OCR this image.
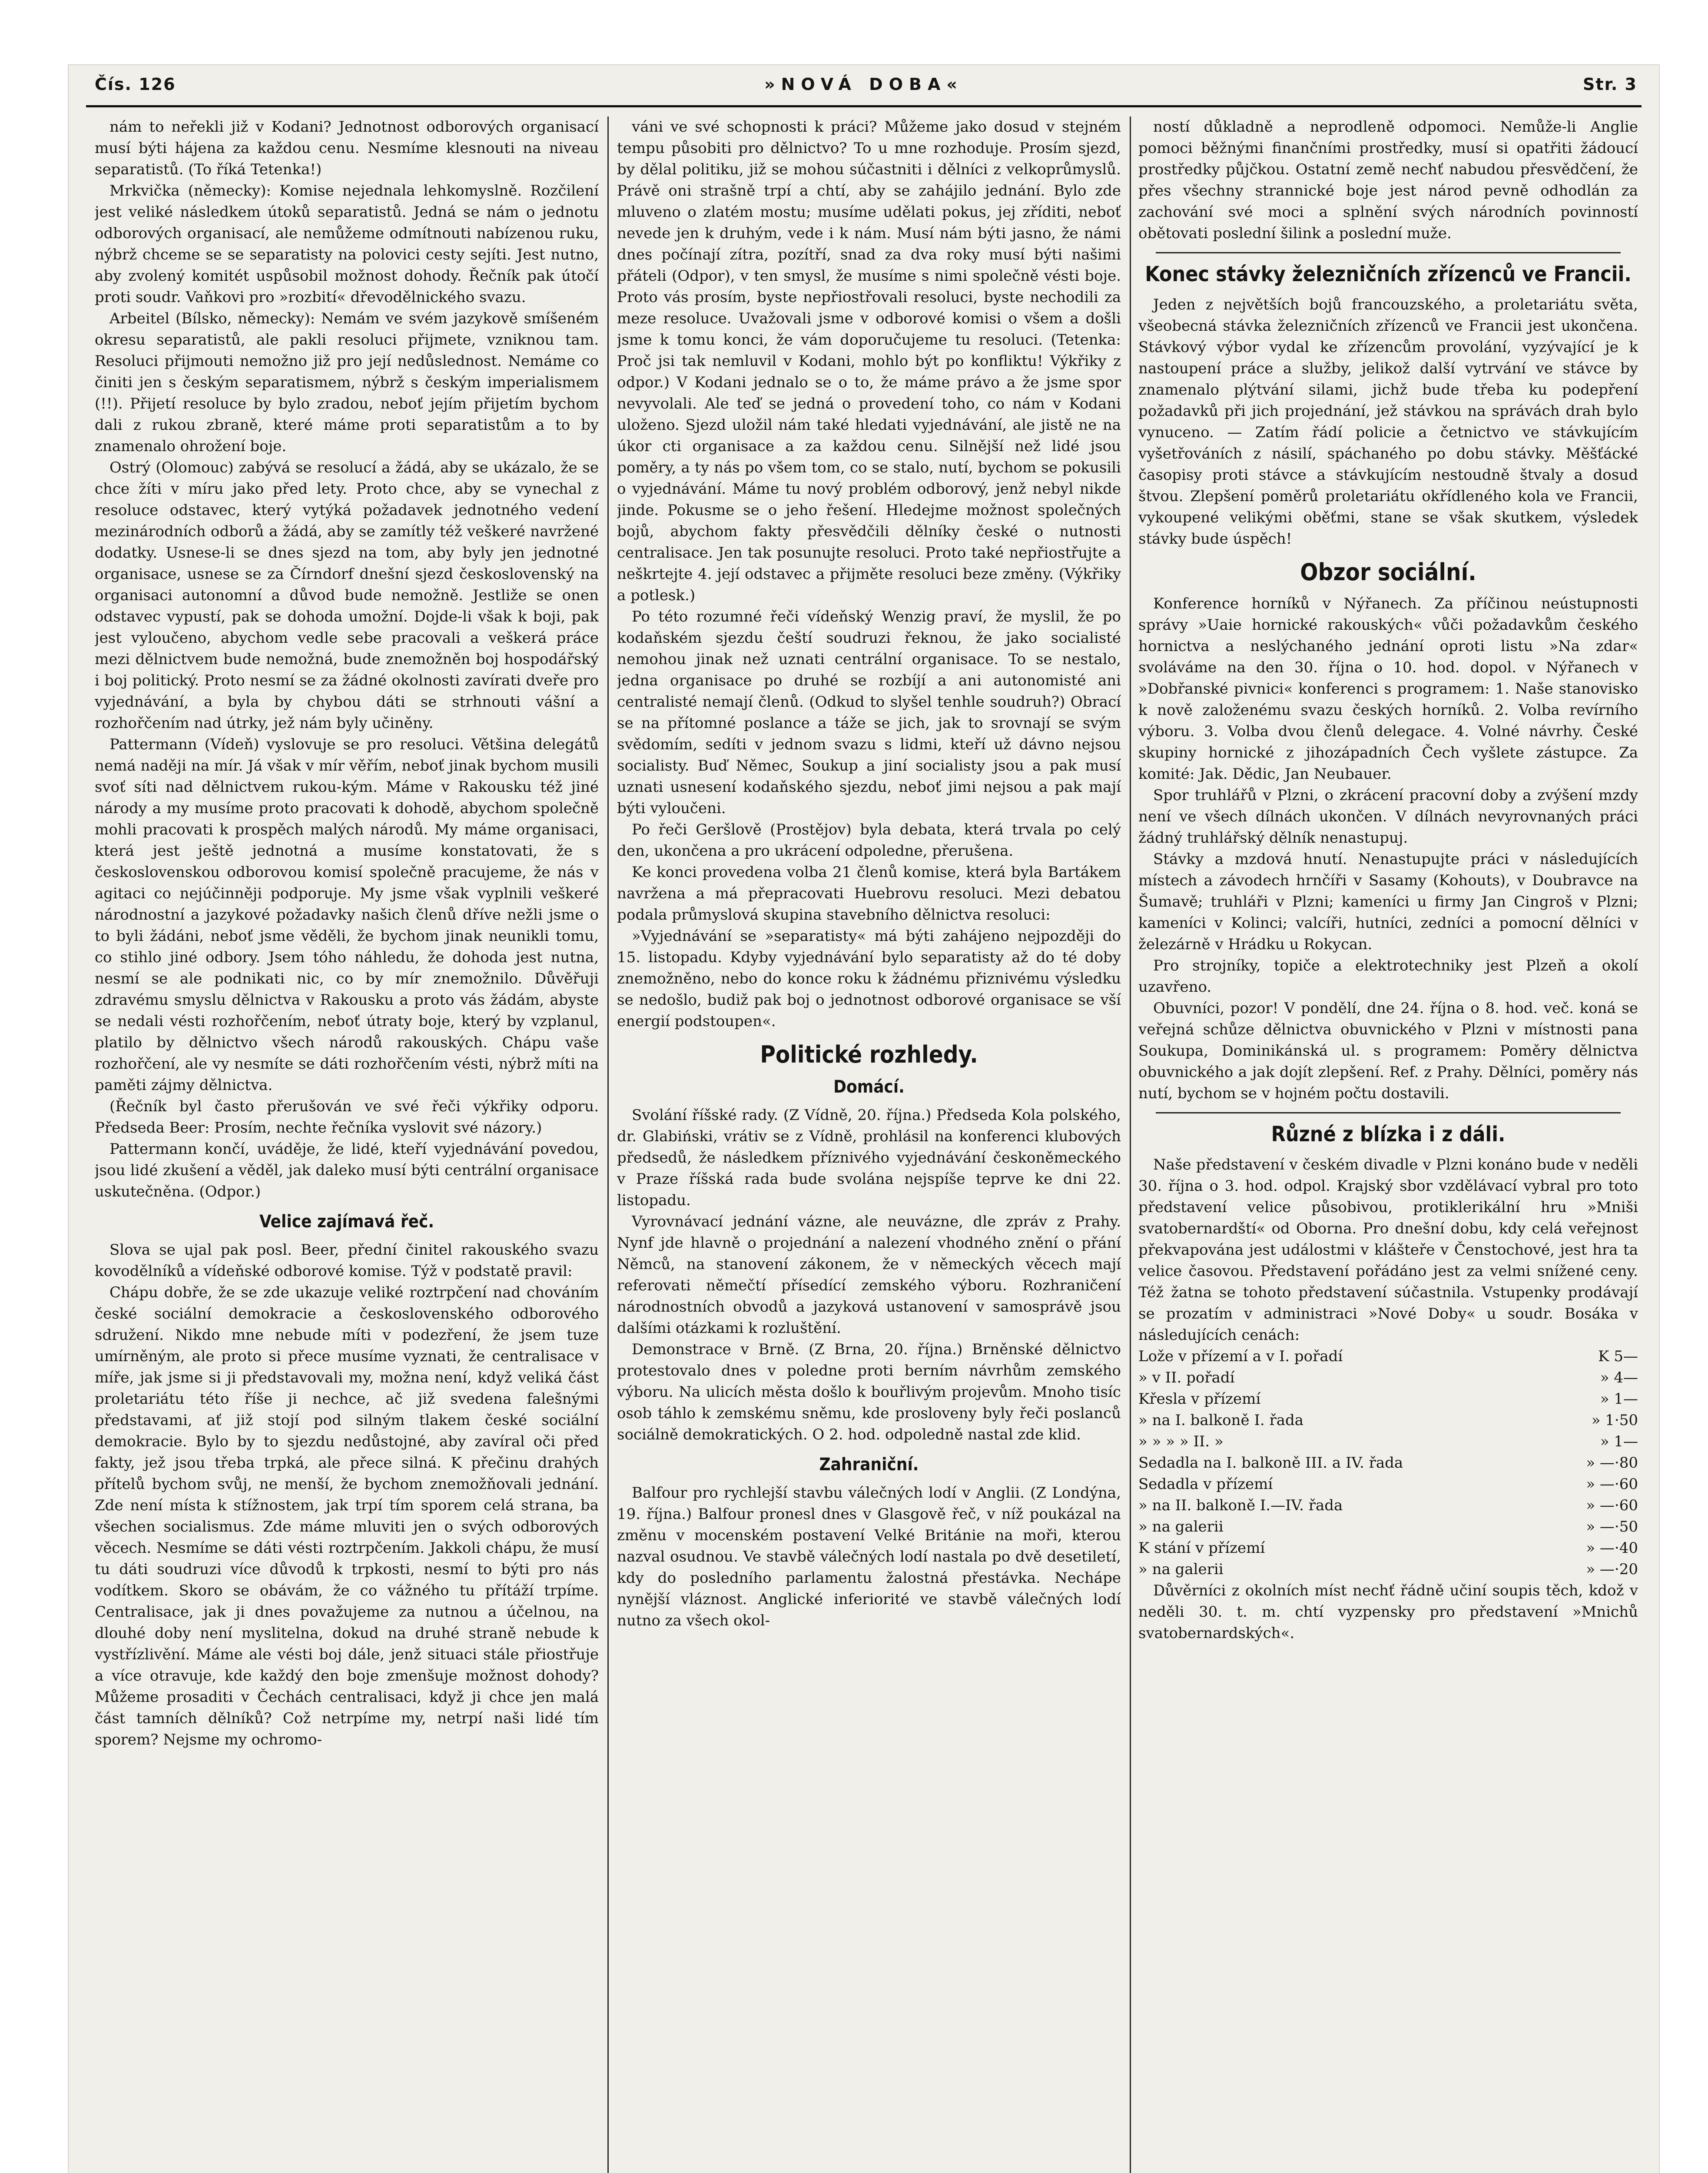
Čís. 126	»NOVÁ DOBA«	Str. 3

nám to neřekli již v Kodani? Jednotnost odborových organisací musí býti hájena za každou cenu. Nesmíme klesnouti na niveau separatistů. (To říká Tetenka!)

Mrkvička (německy): Komise nejednala lehkomyslně. Rozčilení jest veliké následkem útoků separatistů. Jedná se nám o jednotu odborových organisací, ale nemůžeme odmítnouti nabízenou ruku, nýbrž chceme se se separatisty na polovici cesty sejíti. Jest nutno, aby zvolený komitét uspůsobil možnost dohody. Řečník pak útočí proti soudr. Vaňkovi pro »rozbití« dřevodělnického svazu.

Arbeitel (Bílsko, německy): Nemám ve svém jazykově smíšeném okresu separatistů, ale pakli resoluci přijmete, vzniknou tam. Resoluci přijmouti nemožno již pro její nedůslednost. Nemáme co činiti jen s českým separatismem, nýbrž s českým imperialismem (!!). Přijetí resoluce by bylo zradou, neboť jejím přijetím bychom dali z rukou zbraně, které máme proti separatistům a to by znamenalo ohrožení boje.

Ostrý (Olomouc) zabývá se resolucí a žádá, aby se ukázalo, že se chce žíti v míru jako před lety. Proto chce, aby se vynechal z resoluce odstavec, který vytýká požadavek jednotného vedení mezinárodních odborů a žádá, aby se zamítly též veškeré navržené dodatky. Usnese-li se dnes sjezd na tom, aby byly jen jednotné organisace, usnese se za Čírndorf dnešní sjezd československý na organisaci autonomní a důvod bude nemožně. Jestliže se onen odstavec vypustí, pak se dohoda umožní. Dojde-li však k boji, pak jest vyloučeno, abychom vedle sebe pracovali a veškerá práce mezi dělnictvem bude nemožná, bude znemožněn boj hospodářský i boj politický. Proto nesmí se za žádné okolnosti zavírati dveře pro vyjednávání, a byla by chybou dáti se strhnouti vášní a rozhořčením nad útrky, jež nám byly učiněny.

Pattermann (Vídeň) vyslovuje se pro resoluci. Většina delegátů nemá naději na mír. Já však v mír věřím, neboť jinak bychom musili svoť síti nad dělnictvem rukou-kým. Máme v Rakousku též jiné národy a my musíme proto pracovati k dohodě, abychom společně mohli pracovati k prospěch malých národů. My máme organisaci, která jest ještě jednotná a musíme konstatovati, že s československou odborovou komisí společně pracujeme, že nás v agitaci co nejúčinněji podporuje. My jsme však vyplnili veškeré národnostní a jazykové požadavky našich členů dříve nežli jsme o to byli žádáni, neboť jsme věděli, že bychom jinak neunikli tomu, co stihlo jiné odbory. Jsem tóho náhledu, že dohoda jest nutna, nesmí se ale podnikati nic, co by mír znemožnilo. Důvěřuji zdravému smyslu dělnictva v Rakousku a proto vás žádám, abyste se nedali vésti rozhořčením, neboť útraty boje, který by vzplanul, platilo by dělnictvo všech národů rakouských. Chápu vaše rozhořčení, ale vy nesmíte se dáti rozhořčením vésti, nýbrž míti na paměti zájmy dělnictva.

(Řečník byl často přerušován ve své řeči výkřiky odporu. Předseda Beer: Prosím, nechte řečníka vyslovit své názory.)

Pattermann končí, uváděje, že lidé, kteří vyjednávání povedou, jsou lidé zkušení a věděl, jak daleko musí býti centrální organisace uskutečněna. (Odpor.)

Velice zajímavá řeč.

Slova se ujal pak posl. Beer, přední činitel rakouského svazu kovodělníků a vídeňské odborové komise. Týž v podstatě pravil:

Chápu dobře, že se zde ukazuje veliké roztrpčení nad chováním české sociální demokracie a československého odborového sdružení. Nikdo mne nebude míti v podezření, že jsem tuze umírněným, ale proto si přece musíme vyznati, že centralisace v míře, jak jsme si ji představovali my, možna není, když veliká část proletariátu této říše ji nechce, ač již svedena falešnými představami, ať již stojí pod silným tlakem české sociální demokracie. Bylo by to sjezdu nedůstojné, aby zavíral oči před fakty, jež jsou třeba trpká, ale přece silná. K přečinu drahých přítelů bychom svůj, ne menší, že bychom znemožňovali jednání. Zde není místa k stížnostem, jak trpí tím sporem celá strana, ba všechen socialismus. Zde máme mluviti jen o svých odborových věcech. Nesmíme se dáti vésti roztrpčením. Jakkoli chápu, že musí tu dáti soudruzi více důvodů k trpkosti, nesmí to býti pro nás vodítkem. Skoro se obávám, že co vážného tu přítáží trpíme. Centralisace, jak ji dnes považujeme za nutnou a účelnou, na dlouhé doby není myslitelna, dokud na druhé straně nebude k vystřízlivění. Máme ale vésti boj dále, jenž situaci stále přiostřuje a více otravuje, kde každý den boje zmenšuje možnost dohody? Můžeme prosaditi v Čechách centralisaci, když ji chce jen malá část tamních dělníků? Což netrpíme my, netrpí naši lidé tím sporem? Nejsme my ochromo-

váni ve své schopnosti k práci? Můžeme jako dosud v stejném tempu působiti pro dělnictvo? To u mne rozhoduje. Prosím sjezd, by dělal politiku, již se mohou súčastniti i dělníci z velkoprůmyslů. Právě oni strašně trpí a chtí, aby se zahájilo jednání. Bylo zde mluveno o zlatém mostu; musíme udělati pokus, jej zříditi, neboť nevede jen k druhým, vede i k nám. Musí nám býti jasno, že námi dnes počínají zítra, pozítří, snad za dva roky musí býti našimi přáteli (Odpor), v ten smysl, že musíme s nimi společně vésti boje. Proto vás prosím, byste nepřiostřovali resoluci, byste nechodili za meze resoluce. Uvažovali jsme v odborové komisi o všem a došli jsme k tomu konci, že vám doporučujeme tu resoluci. (Tetenka: Proč jsi tak nemluvil v Kodani, mohlo být po konfliktu! Výkřiky z odpor.) V Kodani jednalo se o to, že máme právo a že jsme spor nevyvolali. Ale teď se jedná o provedení toho, co nám v Kodani uloženo. Sjezd uložil nám také hledati vyjednávání, ale jistě ne na úkor cti organisace a za každou cenu. Silnější než lidé jsou poměry, a ty nás po všem tom, co se stalo, nutí, bychom se pokusili o vyjednávání. Máme tu nový problém odborový, jenž nebyl nikde jinde. Pokusme se o jeho řešení. Hledejme možnost společných bojů, abychom fakty přesvědčili dělníky české o nutnosti centralisace. Jen tak posunujte resoluci. Proto také nepřiostřujte a neškrtejte 4. její odstavec a přijměte resoluci beze změny. (Výkřiky a potlesk.)

Po této rozumné řeči vídeňský Wenzig praví, že myslil, že po kodaňském sjezdu čeští soudruzi řeknou, že jako socialisté nemohou jinak než uznati centrální organisace. To se nestalo, jedna organisace po druhé se rozbíjí a ani autonomisté ani centralisté nemají členů. (Odkud to slyšel tenhle soudruh?) Obrací se na přítomné poslance a táže se jich, jak to srovnají se svým svědomím, sedíti v jednom svazu s lidmi, kteří už dávno nejsou socialisty. Buď Němec, Soukup a jiní socialisty jsou a pak musí uznati usnesení kodaňského sjezdu, neboť jimi nejsou a pak mají býti vyloučeni.

Po řeči Geršlově (Prostějov) byla debata, která trvala po celý den, ukončena a pro ukrácení odpoledne, přerušena.

Ke konci provedena volba 21 členů komise, která byla Bartákem navržena a má přepracovati Huebrovu resoluci. Mezi debatou podala průmyslová skupina stavebního dělnictva resoluci:

»Vyjednávání se »separatisty« má býti zahájeno nejpozději do 15. listopadu. Kdyby vyjednávání bylo separatisty až do té doby znemožněno, nebo do konce roku k žádnému přiznivému výsledku se nedošlo, budiž pak boj o jednotnost odborové organisace se vší energií podstoupen«.

Politické rozhledy.
Domácí.

Svolání říšské rady. (Z Vídně, 20. října.) Předseda Kola polského, dr. Glabiński, vrátiv se z Vídně, prohlásil na konferenci klubových předsedů, že následkem příznivého vyjednávání českoněmeckého v Praze říšská rada bude svolána nejspíše teprve ke dni 22. listopadu.

Vyrovnávací jednání vázne, ale neuvázne, dle zpráv z Prahy. Nynf jde hlavně o projednání a nalezení vhodného znění o přání Němců, na stanovení zákonem, že v německých věcech mají referovati němečtí přísedící zemského výboru. Rozhraničení národnostních obvodů a jazyková ustanovení v samosprávě jsou dalšími otázkami k rozluštění.

Demonstrace v Brně. (Z Brna, 20. října.) Brněnské dělnictvo protestovalo dnes v poledne proti berním návrhům zemského výboru. Na ulicích města došlo k bouřlivým projevům. Mnoho tisíc osob táhlo k zemskému sněmu, kde prosloveny byly řeči poslanců sociálně demokratických. O 2. hod. odpoledně nastal zde klid.

Zahraniční.

Balfour pro rychlejší stavbu válečných lodí v Anglii. (Z Londýna, 19. října.) Balfour pronesl dnes v Glasgově řeč, v níž poukázal na změnu v mocenském postavení Velké Británie na moři, kterou nazval osudnou. Ve stavbě válečných lodí nastala po dvě desetiletí, kdy do posledního parlamentu žalostná přestávka. Nechápe nynější vláznost. Anglické inferiorité ve stavbě válečných lodí nutno za všech okol-

ností důkladně a neprodleně odpomoci. Nemůže-li Anglie pomoci běžnými finančními prostředky, musí si opatřiti žádoucí prostředky půjčkou. Ostatní země nechť nabudou přesvědčení, že přes všechny strannické boje jest národ pevně odhodlán za zachování své moci a splnění svých národních povinností obětovati poslední šilink a poslední muže.

Konec stávky železničních zřízenců ve Francii.

Jeden z největších bojů francouzského, a proletariátu světa, všeobecná stávka železničních zřízenců ve Francii jest ukončena. Stávkový výbor vydal ke zřízencům provolání, vyzývající je k nastoupení práce a služby, jelikož další vytrvání ve stávce by znamenalo plýtvání silami, jichž bude třeba ku podepření požadavků při jich projednání, jež stávkou na správách drah bylo vynuceno. — Zatím řádí policie a četnictvo ve stávkujícím vyšetřováních z násilí, spáchaného po dobu stávky. Měšťácké časopisy proti stávce a stávkujícím nestoudně štvaly a dosud štvou. Zlepšení poměrů proletariátu okřídleného kola ve Francii, vykoupené velikými oběťmi, stane se však skutkem, výsledek stávky bude úspěch!

Obzor sociální.

Konference horníků v Nýřanech. Za příčinou neústupnosti správy »Uaie hornické rakouských« vůči požadavkům českého hornictva a neslýchaného jednání oproti listu »Na zdar« svoláváme na den 30. října o 10. hod. dopol. v Nýřanech v »Dobřanské pivnici« konferenci s programem: 1. Naše stanovisko k nově založenému svazu českých horníků. 2. Volba revírního výboru. 3. Volba dvou členů delegace. 4. Volné návrhy. České skupiny hornické z jihozápadních Čech vyšlete zástupce. Za komité: Jak. Dědic, Jan Neubauer.

Spor truhlářů v Plzni, o zkrácení pracovní doby a zvýšení mzdy není ve všech dílnách ukončen. V dílnách nevyrovnaných práci žádný truhlářský dělník nenastupuj.

Stávky a mzdová hnutí. Nenastupujte práci v následujících místech a závodech hrnčíři v Sasamy (Kohouts), v Doubravce na Šumavě; truhláři v Plzni; kameníci u firmy Jan Cingroš v Plzni; kameníci v Kolinci; valcíři, hutníci, zedníci a pomocní dělníci v železárně v Hrádku u Rokycan.

Pro strojníky, topiče a elektrotechniky jest Plzeň a okolí uzavřeno.

Obuvníci, pozor! V pondělí, dne 24. října o 8. hod. več. koná se veřejná schůze dělnictva obuvnického v Plzni v místnosti pana Soukupa, Dominikánská ul. s programem: Poměry dělnictva obuvnického a jak dojít zlepšení. Ref. z Prahy. Dělníci, poměry nás nutí, bychom se v hojném počtu dostavili.

Různé z blízka i z dáli.

Naše představení v českém divadle v Plzni konáno bude v neděli 30. října o 3. hod. odpol. Krajský sbor vzdělávací vybral pro toto představení velice působivou, protiklerikální hru »Mniši svatobernardští« od Oborna. Pro dnešní dobu, kdy celá veřejnost překvapována jest událostmi v klášteře v Čenstochové, jest hra ta velice časovou. Představení pořádáno jest za velmi snížené ceny. Též žatna se tohoto představení súčastnila. Vstupenky prodávají se prozatím v administraci »Nové Doby« u soudr. Bosáka v následujících cenách:

Lože v přízemí a v I. pořadí	K 5—
» v II. pořadí	» 4—
Křesla v přízemí	» 1—
» na I. balkoně I. řada	» 1·50
» » » » II. »	» 1—
Sedadla na I. balkoně III. a IV. řada	» —·80
Sedadla v přízemí	» —·60
» na II. balkoně I.—IV. řada	» —·60
» na galerii	» —·50
K stání v přízemí	» —·40
» na galerii	» —·20

Důvěrníci z okolních míst nechť řádně učiní soupis těch, kdož v neděli 30. t. m. chtí vyzpensky pro představení »Mnichů svatobernardských«.
